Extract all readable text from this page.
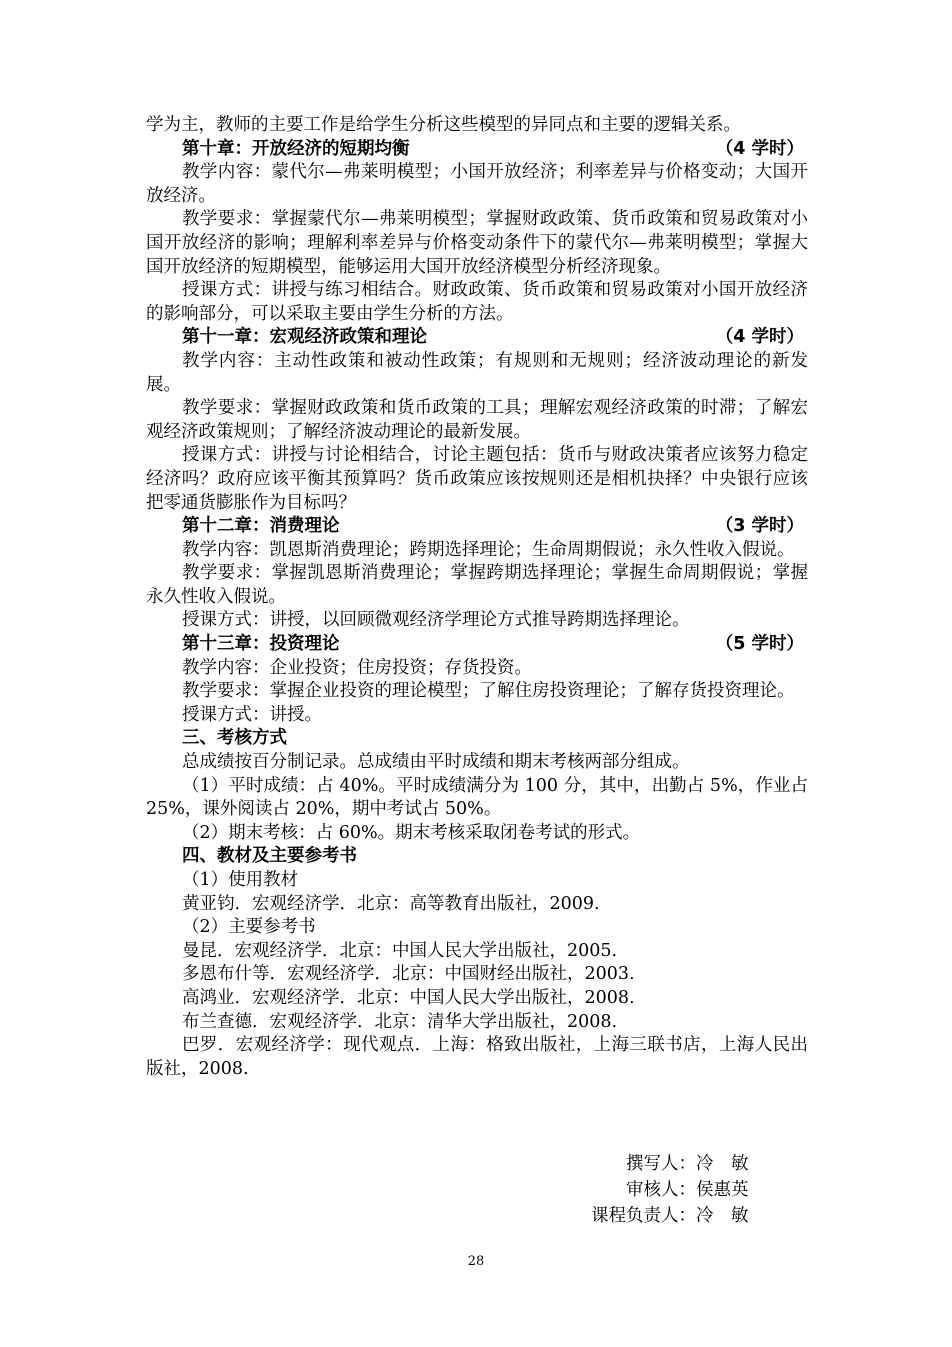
学为主，教师的主要工作是给学生分析这些模型的异同点和主要的逻辑关系。

第十章：开放经济的短期均衡	（4 学时）

教学内容：蒙代尔—弗莱明模型；小国开放经济；利率差异与价格变动；大国开放经济。

教学要求：掌握蒙代尔—弗莱明模型；掌握财政政策、货币政策和贸易政策对小国开放经济的影响；理解利率差异与价格变动条件下的蒙代尔—弗莱明模型；掌握大国开放经济的短期模型，能够运用大国开放经济模型分析经济现象。

授课方式：讲授与练习相结合。财政政策、货币政策和贸易政策对小国开放经济的影响部分，可以采取主要由学生分析的方法。

第十一章：宏观经济政策和理论	（4 学时）

教学内容：主动性政策和被动性政策；有规则和无规则；经济波动理论的新发展。

教学要求：掌握财政政策和货币政策的工具；理解宏观经济政策的时滞；了解宏观经济政策规则；了解经济波动理论的最新发展。

授课方式：讲授与讨论相结合，讨论主题包括：货币与财政决策者应该努力稳定经济吗？政府应该平衡其预算吗？货币政策应该按规则还是相机抉择？中央银行应该把零通货膨胀作为目标吗？

第十二章：消费理论	（3 学时）

教学内容：凯恩斯消费理论；跨期选择理论；生命周期假说；永久性收入假说。

教学要求：掌握凯恩斯消费理论；掌握跨期选择理论；掌握生命周期假说；掌握永久性收入假说。

授课方式：讲授，以回顾微观经济学理论方式推导跨期选择理论。

第十三章：投资理论	（5 学时）

教学内容：企业投资；住房投资；存货投资。

教学要求：掌握企业投资的理论模型；了解住房投资理论；了解存货投资理论。

授课方式：讲授。

三、考核方式

总成绩按百分制记录。总成绩由平时成绩和期末考核两部分组成。

（1）平时成绩：占 40%。平时成绩满分为 100 分，其中，出勤占 5%，作业占 25%，课外阅读占 20%，期中考试占 50%。

（2）期末考核：占 60%。期末考核采取闭卷考试的形式。

四、教材及主要参考书
（1）使用教材

黄亚钧．宏观经济学．北京：高等教育出版社，2009.

（2）主要参考书

曼昆．宏观经济学．北京：中国人民大学出版社，2005.

多恩布什等．宏观经济学．北京：中国财经出版社，2003.

高鸿业．宏观经济学．北京：中国人民大学出版社，2008.

布兰查德．宏观经济学．北京：清华大学出版社，2008.

巴罗．宏观经济学：现代观点．上海：格致出版社，上海三联书店，上海人民出版社，2008.

撰写人： 冷　敏
审核人： 侯惠英
课程负责人： 冷　敏
28
